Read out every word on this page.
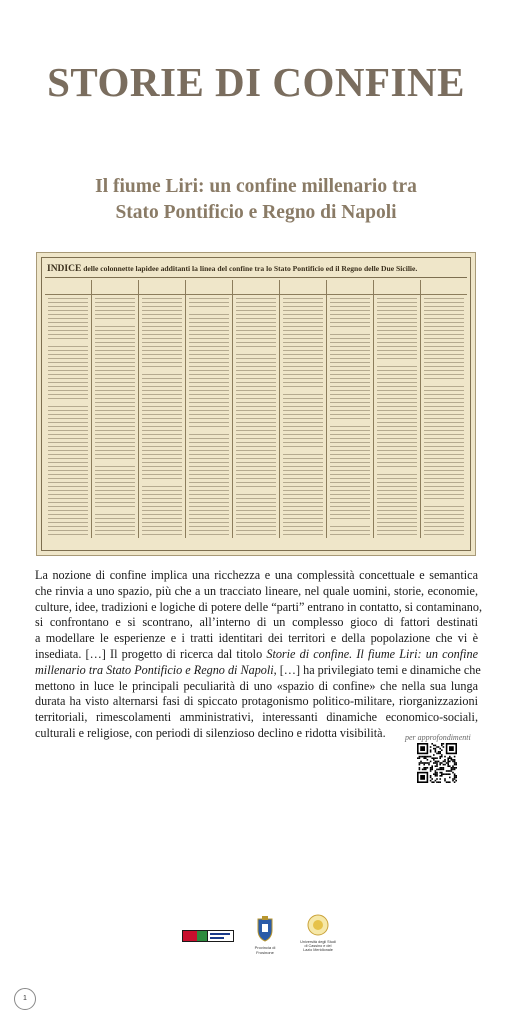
STORIE DI CONFINE
Il fiume Liri: un confine millenario tra
Stato Pontificio e Regno di Napoli
INDICE delle colonnette lapidee additanti la linea del confine tra lo Stato Pontificio ed il Regno delle Due Sicilie.
La nozione di confine implica una ricchezza e una complessità concettuale e semantica
che rinvia a uno spazio, più che a un tracciato lineare, nel quale uomini, storie, economie,
culture, idee, tradizioni e logiche di potere delle “parti” entrano in contatto, si contaminano,
si confrontano e si scontrano, all’interno di un complesso gioco di fattori destinati
a modellare le esperienze e i tratti identitari dei territori e della popolazione che vi è
insediata. […] Il progetto di ricerca dal titolo Storie di confine. Il fiume Liri: un confine
millenario tra Stato Pontificio e Regno di Napoli, […] ha privilegiato temi e dinamiche che
mettono in luce le principali peculiarità di uno «spazio di confine» che nella sua lunga
durata ha visto alternarsi fasi di spiccato protagonismo politico-militare, riorganizzazioni
territoriali, rimescolamenti amministrativi, interessanti dinamiche economico-sociali,
culturali e religiose, con periodi di silenzioso declino e ridotta visibilità.	per approfondimenti
Provincia di Frosinone
Università degli Studi di Cassino e del Lazio Meridionale
1
